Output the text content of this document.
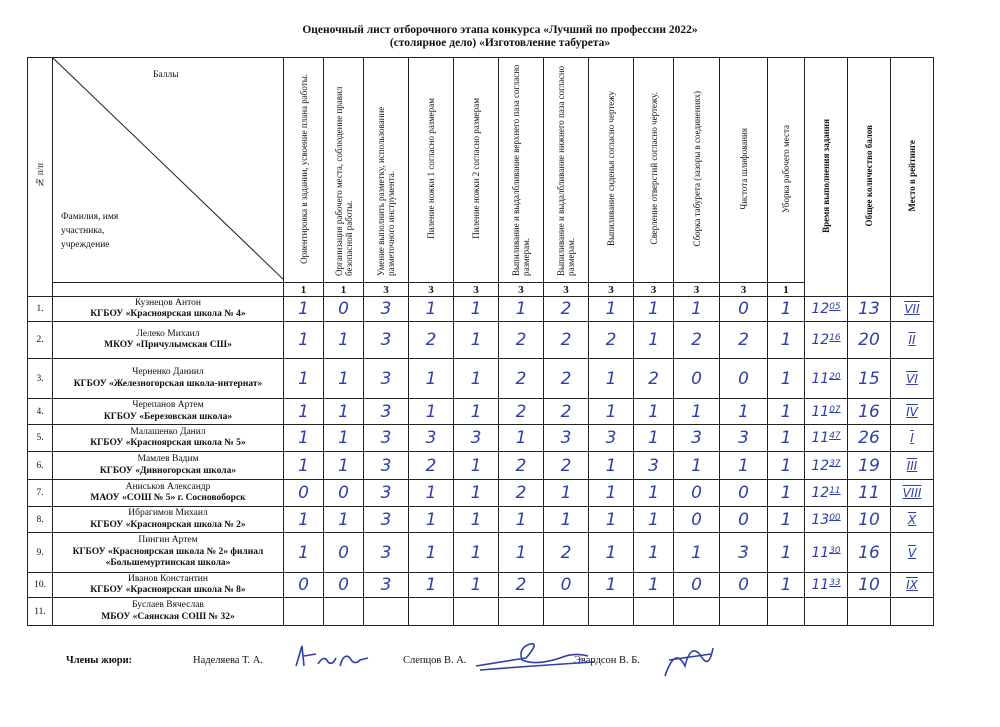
Оценочный лист отборочного этапа конкурса «Лучший по профессии 2022»
(столярное дело) «Изготовление табурета»
№ п/п	Баллы
Фамилия, имя
участника,
учреждение	Ориентировка в задании, усвоение плана работы.	Организация рабочего места, соблюдение правил безопасной работы.	Умение выполнить разметку, использование разметочного инструмента.	Пиление ножки 1 согласно размерам	Пиление ножки 2 согласно размерам	Выпиливание и выдалбливание верхнего паза согласно размерам.	Выпиливание и выдалбливание нижнего паза согласно размерам.	Выпиливание сиденья согласно чертежу	Сверление отверстий согласно чертежу.	Сборка табурета (зазоры в соединениях)	Чистота шлифования	Уборка рабочего места	Время выполнения задания	Общее количество балов	Место в рейтинге
		1	1	3	3	3	3	3	3	3	3	3	1			
1.	Кузнецов Антон
КГБОУ «Красноярская школа № 4»	1	0	3	1	1	1	2	1	1	1	0	1	$12^{05}$	13	VII
2.	Лелеко Михаил
МКОУ «Причулымская СШ»	1	1	3	2	1	2	2	2	1	2	2	1	$12^{16}$	20	II
3.	Черненко Даниил
КГБОУ «Железногорская школа-интернат»	1	1	3	1	1	2	2	1	2	0	0	1	$11^{20}$	15	VI
4.	Черепанов Артем
КГБОУ «Березовская школа»	1	1	3	1	1	2	2	1	1	1	1	1	$11^{07}$	16	IV
5.	Малашенко Данил
КГБОУ «Красноярская школа № 5»	1	1	3	3	3	1	3	3	1	3	3	1	$11^{47}$	26	I
6.	Мамлев Вадим
КГБОУ «Дивногорская школа»	1	1	3	2	1	2	2	1	3	1	1	1	$12^{37}$	19	III
7.	Аниськов Александр
МАОУ «СОШ № 5» г. Сосновоборск	0	0	3	1	1	2	1	1	1	0	0	1	$12^{11}$	11	VIII
8.	Ибрагимов Михаил
КГБОУ «Красноярская школа № 2»	1	1	3	1	1	1	1	1	1	0	0	1	$13^{00}$	10	X
9.	Пингин Артем
КГБОУ «Красноярская школа № 2» филиал «Большемуртинская школа»	1	0	3	1	1	1	2	1	1	1	3	1	$11^{30}$	16	V
10.	Иванов Константин
КГБОУ «Красноярская школа № 8»	0	0	3	1	1	2	0	1	1	0	0	1	$11^{33}$	10	IX
11.	Буслаев Вячеслав
МБОУ «Саянская СОШ № 32»															

Члены жюри:	Наделяева Т. А.	Слепцов В. А.	Эвардсон В. Б.
